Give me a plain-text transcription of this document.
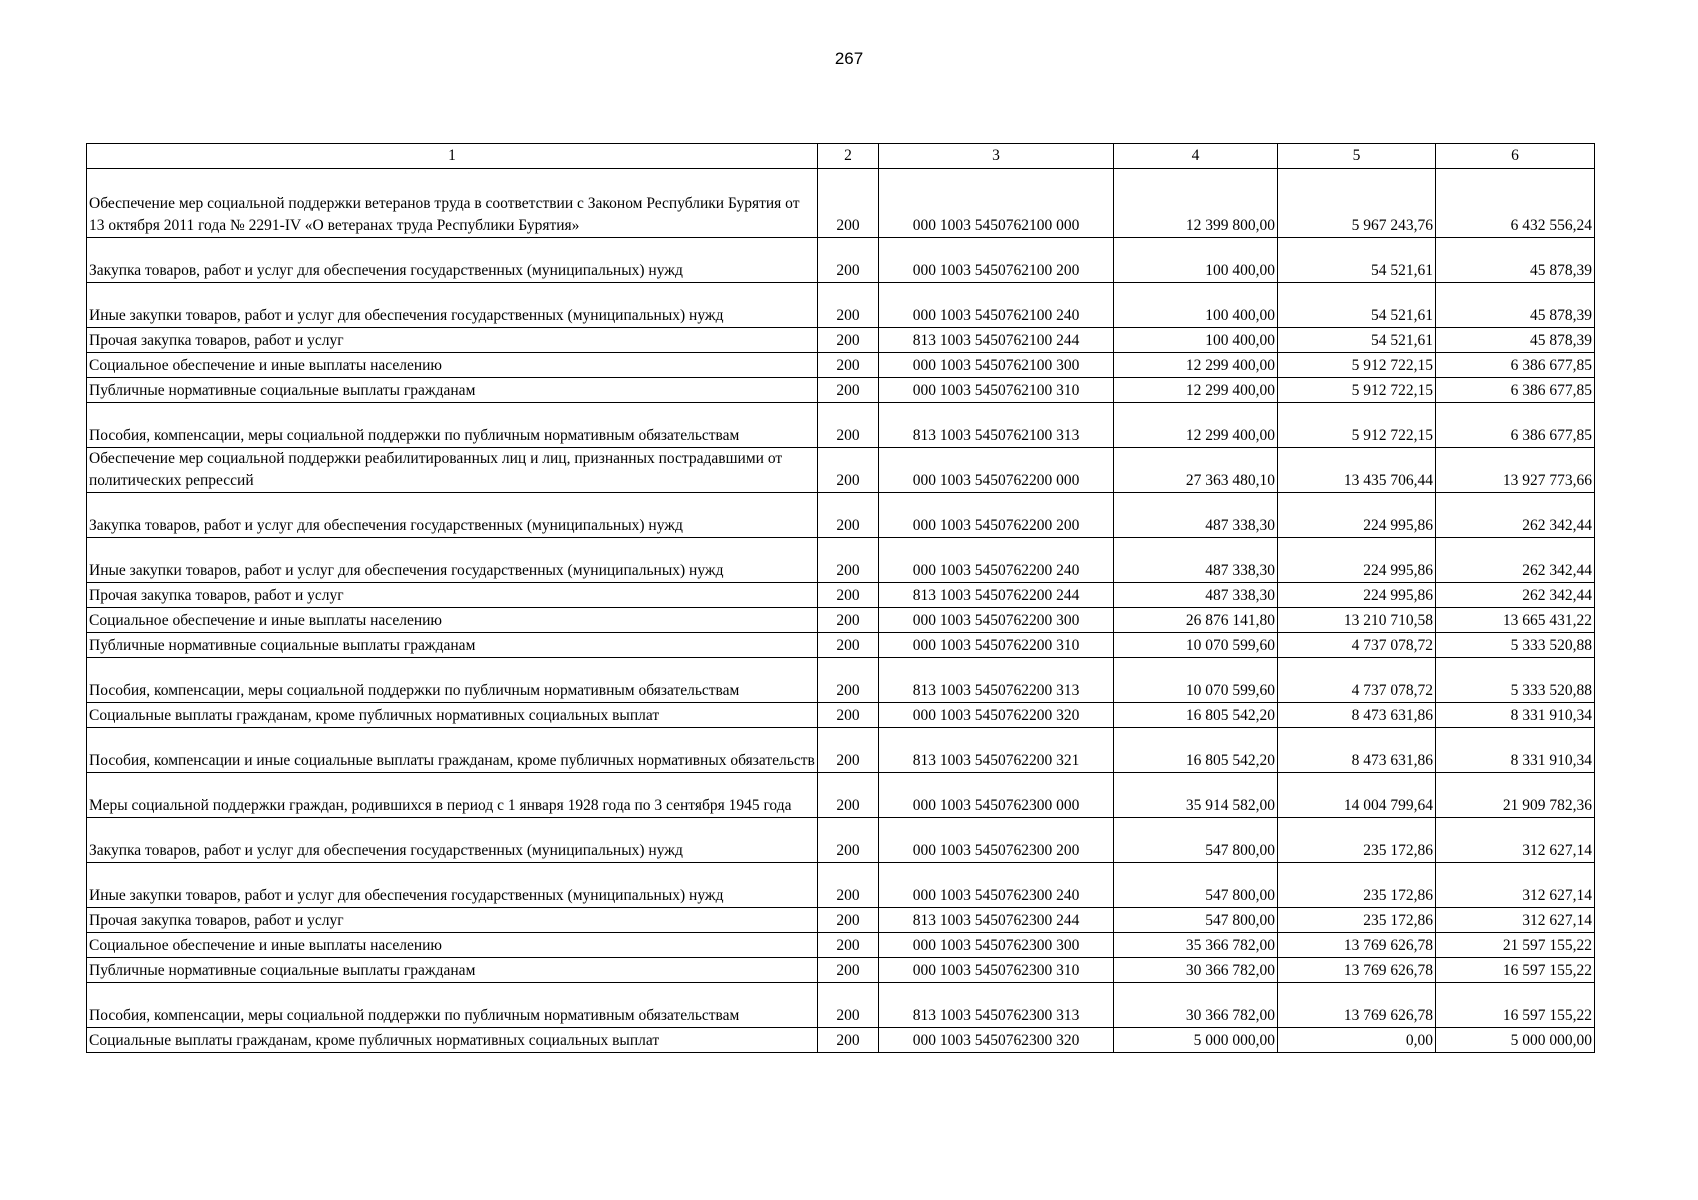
267
1	2	3	4	5	6
Обеспечение мер социальной поддержки ветеранов труда в соответствии с Законом Республики Бурятия от 13 октября 2011 года № 2291-IV «О ветеранах труда Республики Бурятия»	200	000 1003 5450762100 000	12 399 800,00	5 967 243,76	6 432 556,24
Закупка товаров, работ и услуг для обеспечения государственных (муниципальных) нужд	200	000 1003 5450762100 200	100 400,00	54 521,61	45 878,39
Иные закупки товаров, работ и услуг для обеспечения государственных (муниципальных) нужд	200	000 1003 5450762100 240	100 400,00	54 521,61	45 878,39
Прочая закупка товаров, работ и услуг	200	813 1003 5450762100 244	100 400,00	54 521,61	45 878,39
Социальное обеспечение и иные выплаты населению	200	000 1003 5450762100 300	12 299 400,00	5 912 722,15	6 386 677,85
Публичные нормативные социальные выплаты гражданам	200	000 1003 5450762100 310	12 299 400,00	5 912 722,15	6 386 677,85
Пособия, компенсации, меры социальной поддержки по публичным нормативным обязательствам	200	813 1003 5450762100 313	12 299 400,00	5 912 722,15	6 386 677,85
Обеспечение мер социальной поддержки реабилитированных лиц и лиц, признанных пострадавшими от политических репрессий	200	000 1003 5450762200 000	27 363 480,10	13 435 706,44	13 927 773,66
Закупка товаров, работ и услуг для обеспечения государственных (муниципальных) нужд	200	000 1003 5450762200 200	487 338,30	224 995,86	262 342,44
Иные закупки товаров, работ и услуг для обеспечения государственных (муниципальных) нужд	200	000 1003 5450762200 240	487 338,30	224 995,86	262 342,44
Прочая закупка товаров, работ и услуг	200	813 1003 5450762200 244	487 338,30	224 995,86	262 342,44
Социальное обеспечение и иные выплаты населению	200	000 1003 5450762200 300	26 876 141,80	13 210 710,58	13 665 431,22
Публичные нормативные социальные выплаты гражданам	200	000 1003 5450762200 310	10 070 599,60	4 737 078,72	5 333 520,88
Пособия, компенсации, меры социальной поддержки по публичным нормативным обязательствам	200	813 1003 5450762200 313	10 070 599,60	4 737 078,72	5 333 520,88
Социальные выплаты гражданам, кроме публичных нормативных социальных выплат	200	000 1003 5450762200 320	16 805 542,20	8 473 631,86	8 331 910,34
Пособия, компенсации и иные социальные выплаты гражданам, кроме публичных нормативных обязательств	200	813 1003 5450762200 321	16 805 542,20	8 473 631,86	8 331 910,34
Меры социальной поддержки граждан, родившихся в период с 1 января 1928 года по 3 сентября 1945 года	200	000 1003 5450762300 000	35 914 582,00	14 004 799,64	21 909 782,36
Закупка товаров, работ и услуг для обеспечения государственных (муниципальных) нужд	200	000 1003 5450762300 200	547 800,00	235 172,86	312 627,14
Иные закупки товаров, работ и услуг для обеспечения государственных (муниципальных) нужд	200	000 1003 5450762300 240	547 800,00	235 172,86	312 627,14
Прочая закупка товаров, работ и услуг	200	813 1003 5450762300 244	547 800,00	235 172,86	312 627,14
Социальное обеспечение и иные выплаты населению	200	000 1003 5450762300 300	35 366 782,00	13 769 626,78	21 597 155,22
Публичные нормативные социальные выплаты гражданам	200	000 1003 5450762300 310	30 366 782,00	13 769 626,78	16 597 155,22
Пособия, компенсации, меры социальной поддержки по публичным нормативным обязательствам	200	813 1003 5450762300 313	30 366 782,00	13 769 626,78	16 597 155,22
Социальные выплаты гражданам, кроме публичных нормативных социальных выплат	200	000 1003 5450762300 320	5 000 000,00	0,00	5 000 000,00
